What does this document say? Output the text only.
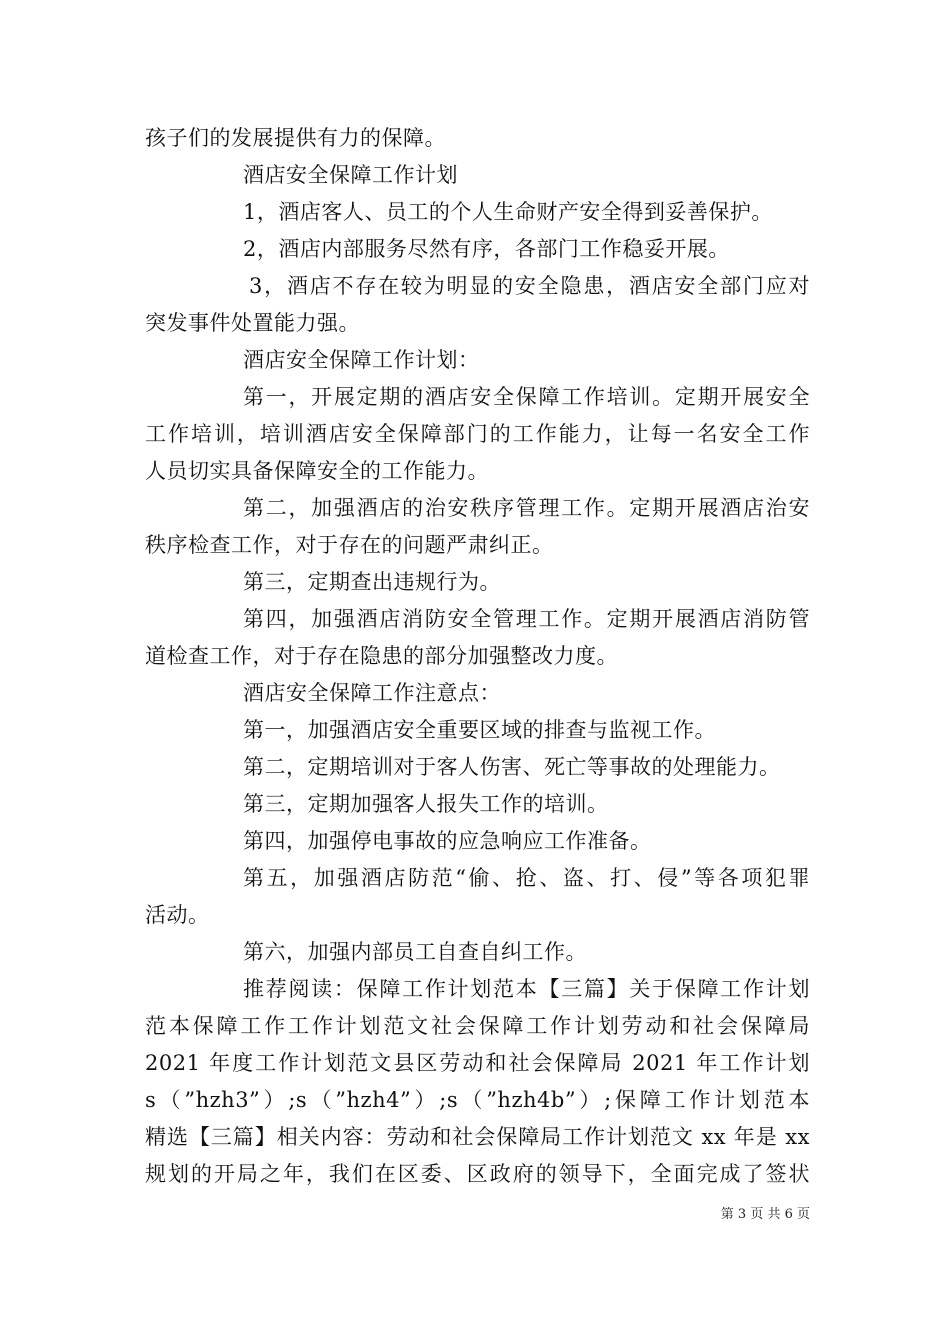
孩子们的发展提供有力的保障。
酒店安全保障工作计划
1，酒店客人、员工的个人生命财产安全得到妥善保护。
2，酒店内部服务尽然有序，各部门工作稳妥开展。
3，酒店不存在较为明显的安全隐患，酒店安全部门应对
突发事件处置能力强。
酒店安全保障工作计划：
第一，开展定期的酒店安全保障工作培训。定期开展安全
工作培训，培训酒店安全保障部门的工作能力，让每一名安全工作
人员切实具备保障安全的工作能力。
第二，加强酒店的治安秩序管理工作。定期开展酒店治安
秩序检查工作，对于存在的问题严肃纠正。
第三，定期查出违规行为。
第四，加强酒店消防安全管理工作。定期开展酒店消防管
道检查工作，对于存在隐患的部分加强整改力度。
酒店安全保障工作注意点：
第一，加强酒店安全重要区域的排查与监视工作。
第二，定期培训对于客人伤害、死亡等事故的处理能力。
第三，定期加强客人报失工作的培训。
第四，加强停电事故的应急响应工作准备。
第五，加强酒店防范“偷、抢、盗、打、侵”等各项犯罪
活动。
第六，加强内部员工自查自纠工作。
推荐阅读：保障工作计划范本【三篇】关于保障工作计划
范本保障工作工作计划范文社会保障工作计划劳动和社会保障局
2021 年度工作计划范文县区劳动和社会保障局 2021 年工作计划
s（”hzh3”）;s（”hzh4”）;s（”hzh4b”）;保障工作计划范本
精选【三篇】相关内容：劳动和社会保障局工作计划范文 xx 年是 xx
规划的开局之年，我们在区委、区政府的领导下，全面完成了签状
第 3 页 共 6 页
